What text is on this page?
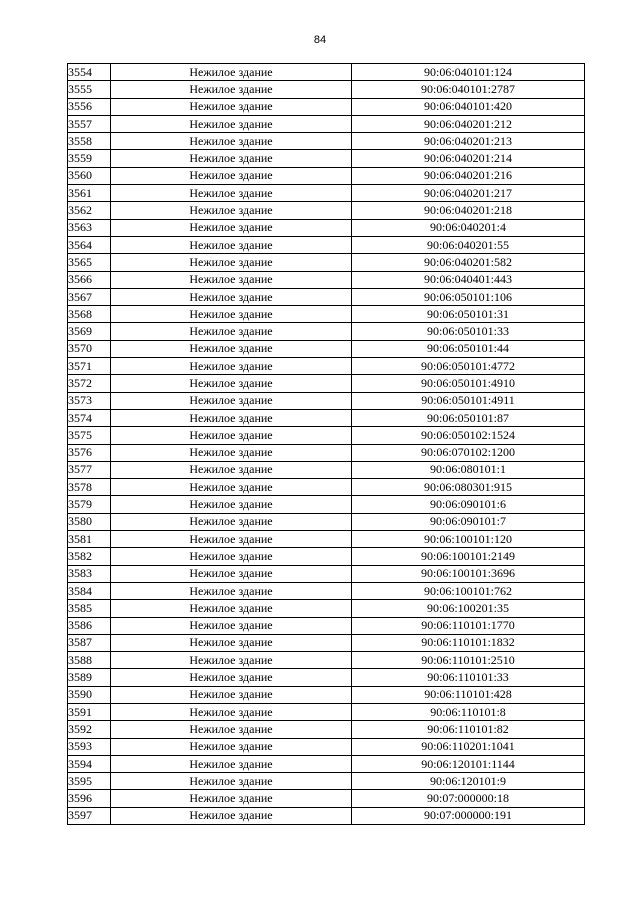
84
3554	Нежилое здание	90:06:040101:124
3555	Нежилое здание	90:06:040101:2787
3556	Нежилое здание	90:06:040101:420
3557	Нежилое здание	90:06:040201:212
3558	Нежилое здание	90:06:040201:213
3559	Нежилое здание	90:06:040201:214
3560	Нежилое здание	90:06:040201:216
3561	Нежилое здание	90:06:040201:217
3562	Нежилое здание	90:06:040201:218
3563	Нежилое здание	90:06:040201:4
3564	Нежилое здание	90:06:040201:55
3565	Нежилое здание	90:06:040201:582
3566	Нежилое здание	90:06:040401:443
3567	Нежилое здание	90:06:050101:106
3568	Нежилое здание	90:06:050101:31
3569	Нежилое здание	90:06:050101:33
3570	Нежилое здание	90:06:050101:44
3571	Нежилое здание	90:06:050101:4772
3572	Нежилое здание	90:06:050101:4910
3573	Нежилое здание	90:06:050101:4911
3574	Нежилое здание	90:06:050101:87
3575	Нежилое здание	90:06:050102:1524
3576	Нежилое здание	90:06:070102:1200
3577	Нежилое здание	90:06:080101:1
3578	Нежилое здание	90:06:080301:915
3579	Нежилое здание	90:06:090101:6
3580	Нежилое здание	90:06:090101:7
3581	Нежилое здание	90:06:100101:120
3582	Нежилое здание	90:06:100101:2149
3583	Нежилое здание	90:06:100101:3696
3584	Нежилое здание	90:06:100101:762
3585	Нежилое здание	90:06:100201:35
3586	Нежилое здание	90:06:110101:1770
3587	Нежилое здание	90:06:110101:1832
3588	Нежилое здание	90:06:110101:2510
3589	Нежилое здание	90:06:110101:33
3590	Нежилое здание	90:06:110101:428
3591	Нежилое здание	90:06:110101:8
3592	Нежилое здание	90:06:110101:82
3593	Нежилое здание	90:06:110201:1041
3594	Нежилое здание	90:06:120101:1144
3595	Нежилое здание	90:06:120101:9
3596	Нежилое здание	90:07:000000:18
3597	Нежилое здание	90:07:000000:191
